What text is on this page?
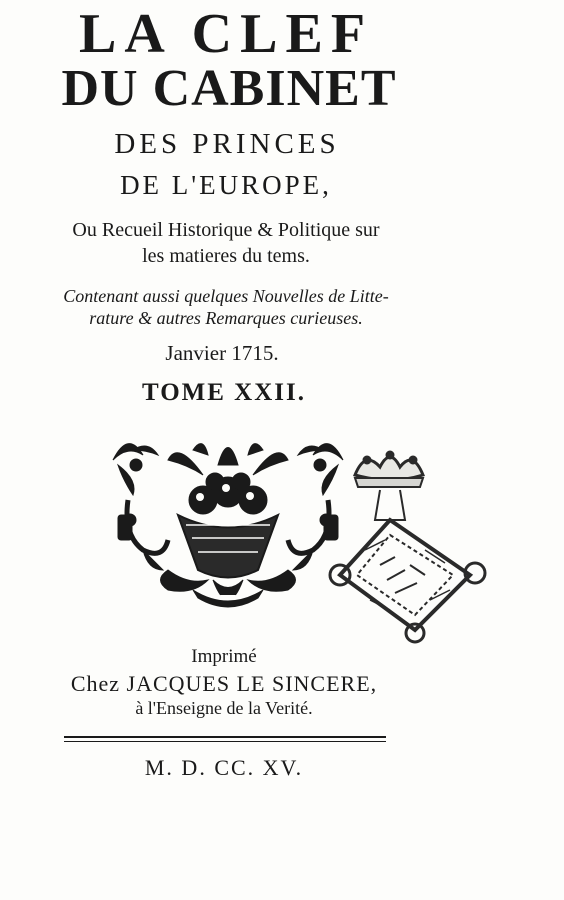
LA CLEF
DU CABINET
DES PRINCES
DE L'EUROPE,
Ou Recueil Historique & Politique sur
les matieres du tems.
Contenant aussi quelques Nouvelles de Litte-
rature & autres Remarques curieuses.
Janvier 1715.
TOME XXII.
Imprimé
Chez JACQUES LE SINCERE,
à l'Enseigne de la Verité.
M. D. CC. XV.
